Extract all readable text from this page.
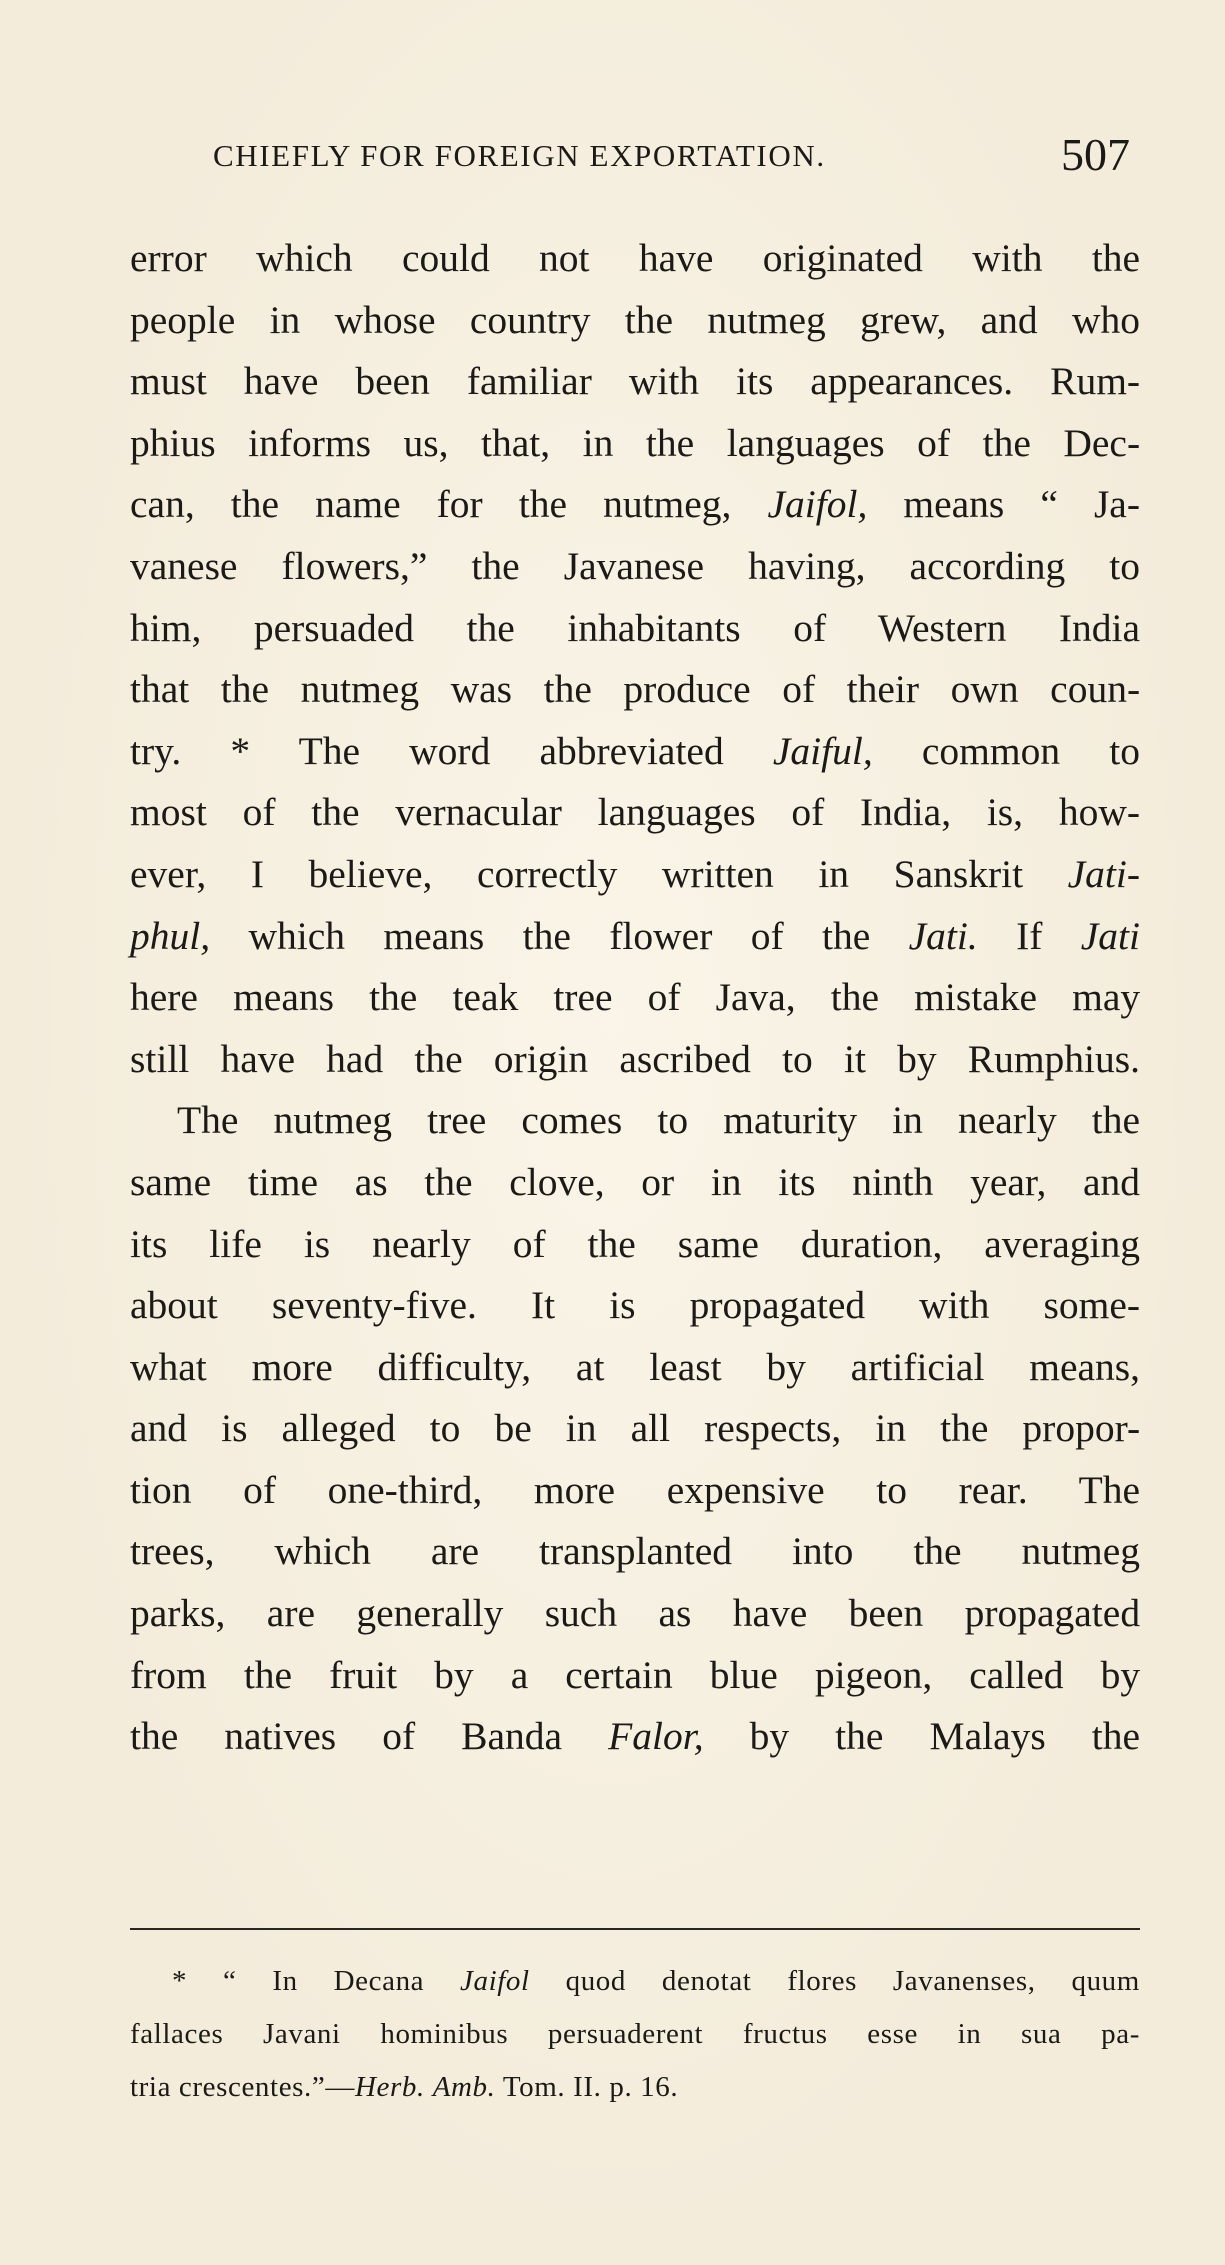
CHIEFLY FOR FOREIGN EXPORTATION.	507
error which could not have originated with the
people in whose country the nutmeg grew, and who
must have been familiar with its appearances. Rum-
phius informs us, that, in the languages of the Dec-
can, the name for the nutmeg, Jaifol, means “ Ja-
vanese flowers,” the Javanese having, according to
him, persuaded the inhabitants of Western India
that the nutmeg was the produce of their own coun-
try. * The word abbreviated Jaiful, common to
most of the vernacular languages of India, is, how-
ever, I believe, correctly written in Sanskrit Jati-
phul, which means the flower of the Jati. If Jati
here means the teak tree of Java, the mistake may
still have had the origin ascribed to it by Rumphius.
The nutmeg tree comes to maturity in nearly the
same time as the clove, or in its ninth year, and
its life is nearly of the same duration, averaging
about seventy-five. It is propagated with some-
what more difficulty, at least by artificial means,
and is alleged to be in all respects, in the propor-
tion of one-third, more expensive to rear. The
trees, which are transplanted into the nutmeg
parks, are generally such as have been propagated
from the fruit by a certain blue pigeon, called by
the natives of Banda Falor, by the Malays the
* “ In Decana Jaifol quod denotat flores Javanenses, quum
fallaces Javani hominibus persuaderent fructus esse in sua pa-
tria crescentes.”—Herb. Amb. Tom. II. p. 16.
